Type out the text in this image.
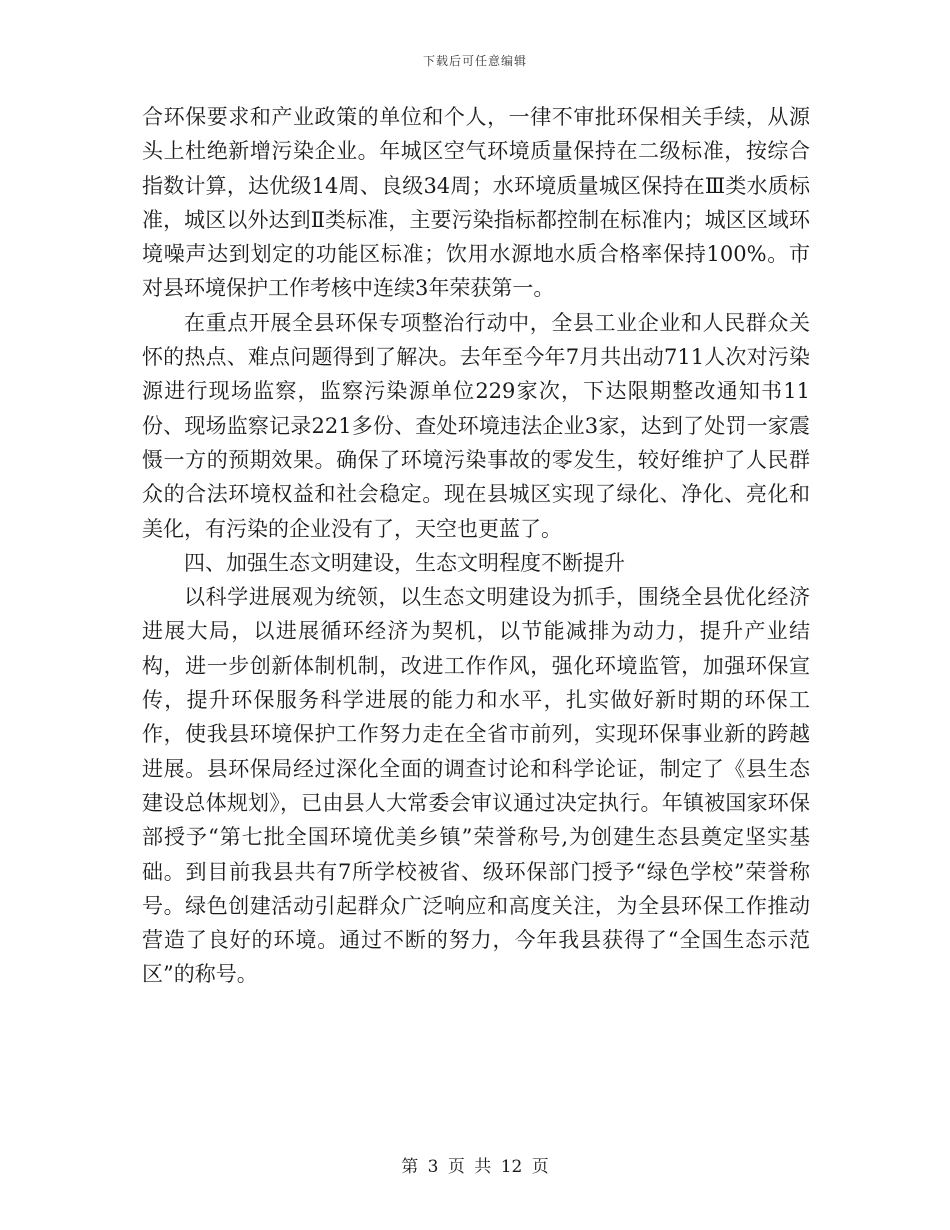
下载后可任意编辑

合环保要求和产业政策的单位和个人，一律不审批环保相关手续，从源头上杜绝新增污染企业。年城区空气环境质量保持在二级标准，按综合指数计算，达优级14周、良级34周；水环境质量城区保持在Ⅲ类水质标准，城区以外达到Ⅱ类标准，主要污染指标都控制在标准内；城区区域环境噪声达到划定的功能区标准；饮用水源地水质合格率保持100%。市对县环境保护工作考核中连续3年荣获第一。

在重点开展全县环保专项整治行动中，全县工业企业和人民群众关怀的热点、难点问题得到了解决。去年至今年7月共出动711人次对污染源进行现场监察，监察污染源单位229家次，下达限期整改通知书11份、现场监察记录221多份、查处环境违法企业3家，达到了处罚一家震慑一方的预期效果。确保了环境污染事故的零发生，较好维护了人民群众的合法环境权益和社会稳定。现在县城区实现了绿化、净化、亮化和美化，有污染的企业没有了，天空也更蓝了。

四、加强生态文明建设，生态文明程度不断提升

以科学进展观为统领，以生态文明建设为抓手，围绕全县优化经济进展大局，以进展循环经济为契机，以节能减排为动力，提升产业结构，进一步创新体制机制，改进工作作风，强化环境监管，加强环保宣传，提升环保服务科学进展的能力和水平，扎实做好新时期的环保工作，使我县环境保护工作努力走在全省市前列，实现环保事业新的跨越进展。县环保局经过深化全面的调查讨论和科学论证，制定了《县生态建设总体规划》，已由县人大常委会审议通过决定执行。年镇被国家环保部授予“第七批全国环境优美乡镇”荣誉称号,为创建生态县奠定坚实基础。到目前我县共有7所学校被省、级环保部门授予“绿色学校”荣誉称号。绿色创建活动引起群众广泛响应和高度关注，为全县环保工作推动营造了良好的环境。通过不断的努力，今年我县获得了“全国生态示范区”的称号。

第 3 页 共 12 页
